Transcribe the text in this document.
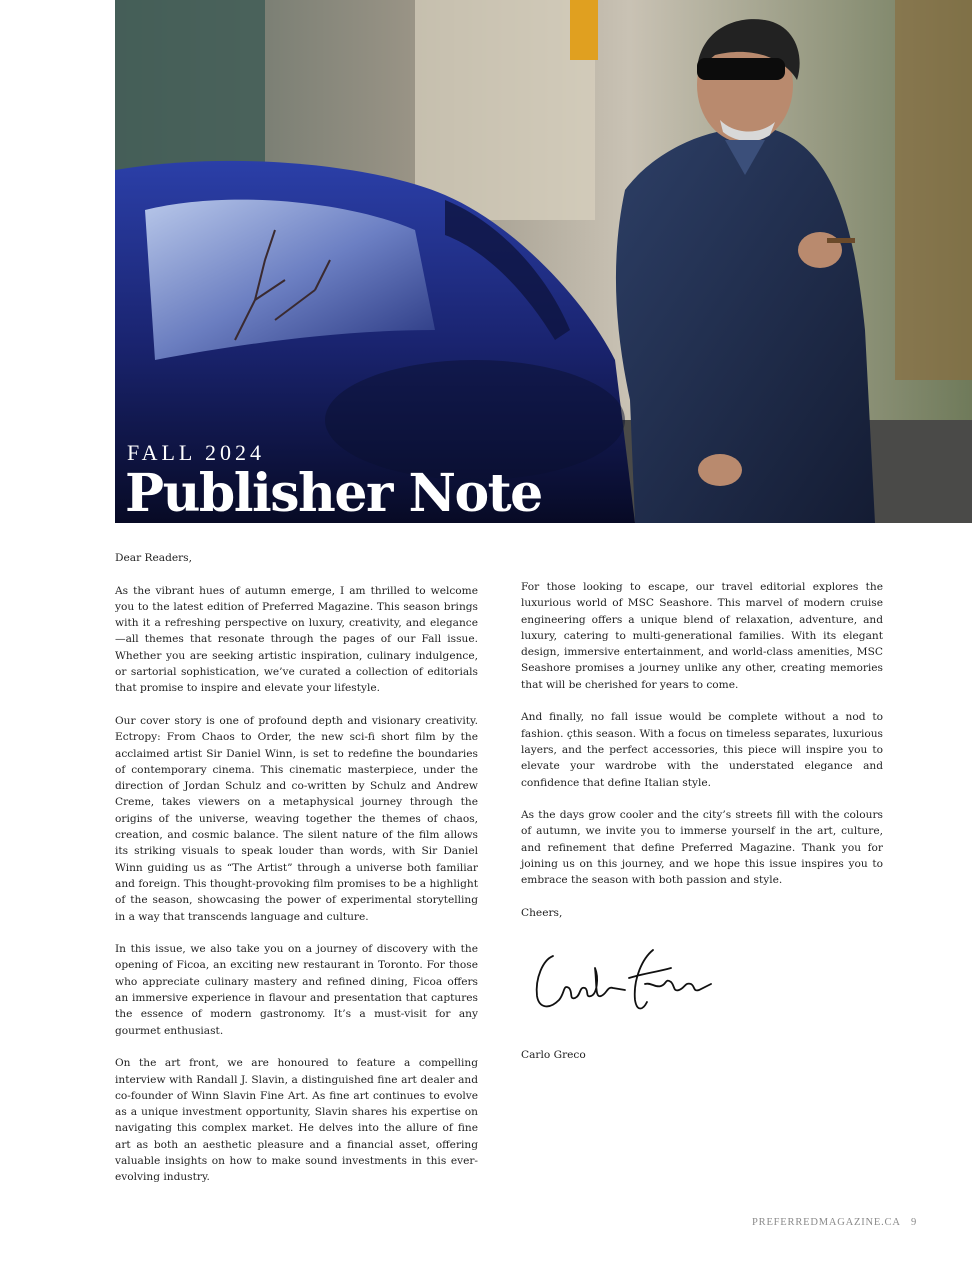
FALL 2024
Publisher Note

Dear Readers,

As the vibrant hues of autumn emerge, I am thrilled to welcome you to the latest edition of Preferred Magazine. This season brings with it a refreshing perspective on luxury, creativity, and elegance—all themes that resonate through the pages of our Fall issue. Whether you are seeking artistic inspiration, culinary indulgence, or sartorial sophistication, we’ve curated a collection of editorials that promise to inspire and elevate your lifestyle.

Our cover story is one of profound depth and visionary creativity. Ectropy: From Chaos to Order, the new sci-fi short film by the acclaimed artist Sir Daniel Winn, is set to redefine the boundaries of contemporary cinema. This cinematic masterpiece, under the direction of Jordan Schulz and co-written by Schulz and Andrew Creme, takes viewers on a metaphysical journey through the origins of the universe, weaving together the themes of chaos, creation, and cosmic balance. The silent nature of the film allows its striking visuals to speak louder than words, with Sir Daniel Winn guiding us as “The Artist” through a universe both familiar and foreign. This thought-provoking film promises to be a highlight of the season, showcasing the power of experimental storytelling in a way that transcends language and culture.

In this issue, we also take you on a journey of discovery with the opening of Ficoa, an exciting new restaurant in Toronto. For those who appreciate culinary mastery and refined dining, Ficoa offers an immersive experience in flavour and presentation that captures the essence of modern gastronomy. It’s a must-visit for any gourmet enthusiast.

On the art front, we are honoured to feature a compelling interview with Randall J. Slavin, a distinguished fine art dealer and co-founder of Winn Slavin Fine Art. As fine art continues to evolve as a unique investment opportunity, Slavin shares his expertise on navigating this complex market. He delves into the allure of fine art as both an aesthetic pleasure and a financial asset, offering valuable insights on how to make sound investments in this ever-evolving industry.

For those looking to escape, our travel editorial explores the luxurious world of MSC Seashore. This marvel of modern cruise engineering offers a unique blend of relaxation, adventure, and luxury, catering to multi-generational families. With its elegant design, immersive entertainment, and world-class amenities, MSC Seashore promises a journey unlike any other, creating memories that will be cherished for years to come.

And finally, no fall issue would be complete without a nod to fashion. çthis season. With a focus on timeless separates, luxurious layers, and the perfect accessories, this piece will inspire you to elevate your wardrobe with the understated elegance and confidence that define Italian style.

As the days grow cooler and the city’s streets fill with the colours of autumn, we invite you to immerse yourself in the art, culture, and refinement that define Preferred Magazine. Thank you for joining us on this journey, and we hope this issue inspires you to embrace the season with both passion and style.

Cheers,

Carlo Greco

PREFERREDMAGAZINE.CA 9
